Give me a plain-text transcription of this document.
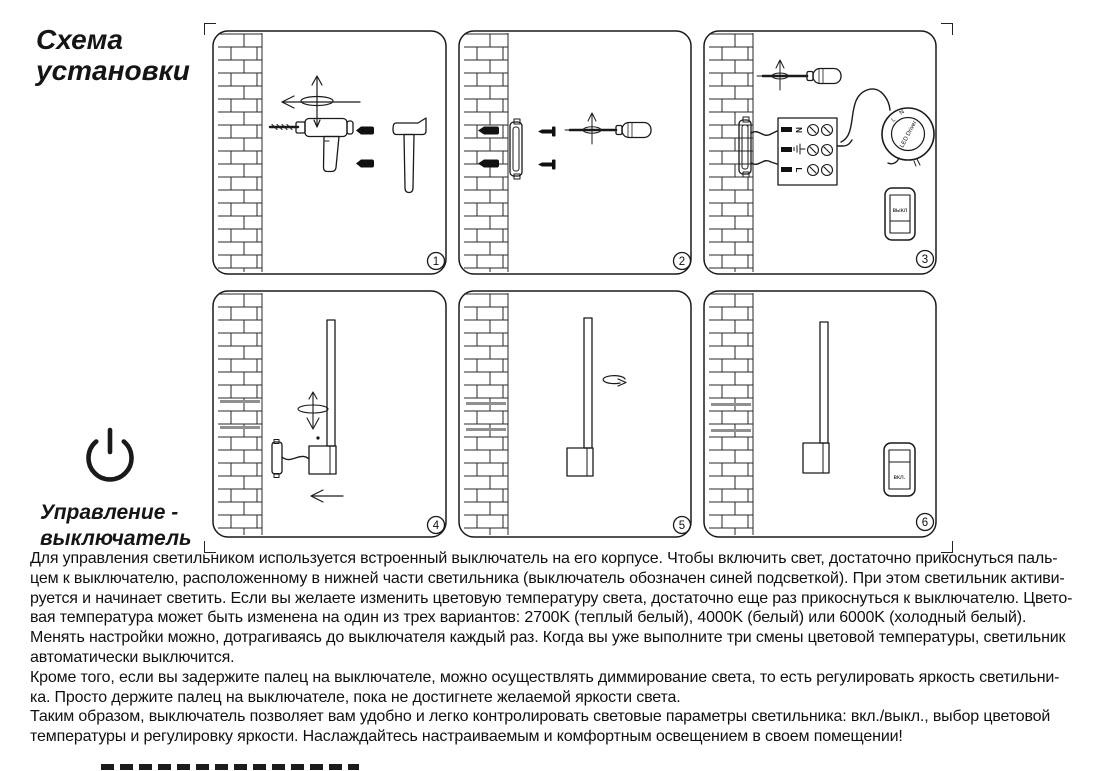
Схема
установки
1	2
N
L
L N
LED Driver
выкл
3
4	5
вкл.
6
Управление -
выключатель
Для управления светильником используется встроенный выключатель на его корпусе. Чтобы включить свет, достаточно прикоснуться паль-
цем к выключателю, расположенному в нижней части светильника (выключатель обозначен синей подсветкой). При этом светильник активи-
руется и начинает светить. Если вы желаете изменить цветовую температуру света, достаточно еще раз прикоснуться к выключателю. Цвето-
вая температура может быть изменена на один из трех вариантов: 2700K (теплый белый), 4000K (белый) или 6000K (холодный белый).
Менять настройки можно, дотрагиваясь до выключателя каждый раз. Когда вы уже выполните три смены цветовой температуры, светильник
автоматически выключится.
Кроме того, если вы задержите палец на выключателе, можно осуществлять диммирование света, то есть регулировать яркость светильни-
ка. Просто держите палец на выключателе, пока не достигнете желаемой яркости света.
Таким образом, выключатель позволяет вам удобно и легко контролировать световые параметры светильника: вкл./выкл., выбор цветовой
температуры и регулировку яркости. Наслаждайтесь настраиваемым и комфортным освещением в своем помещении!
